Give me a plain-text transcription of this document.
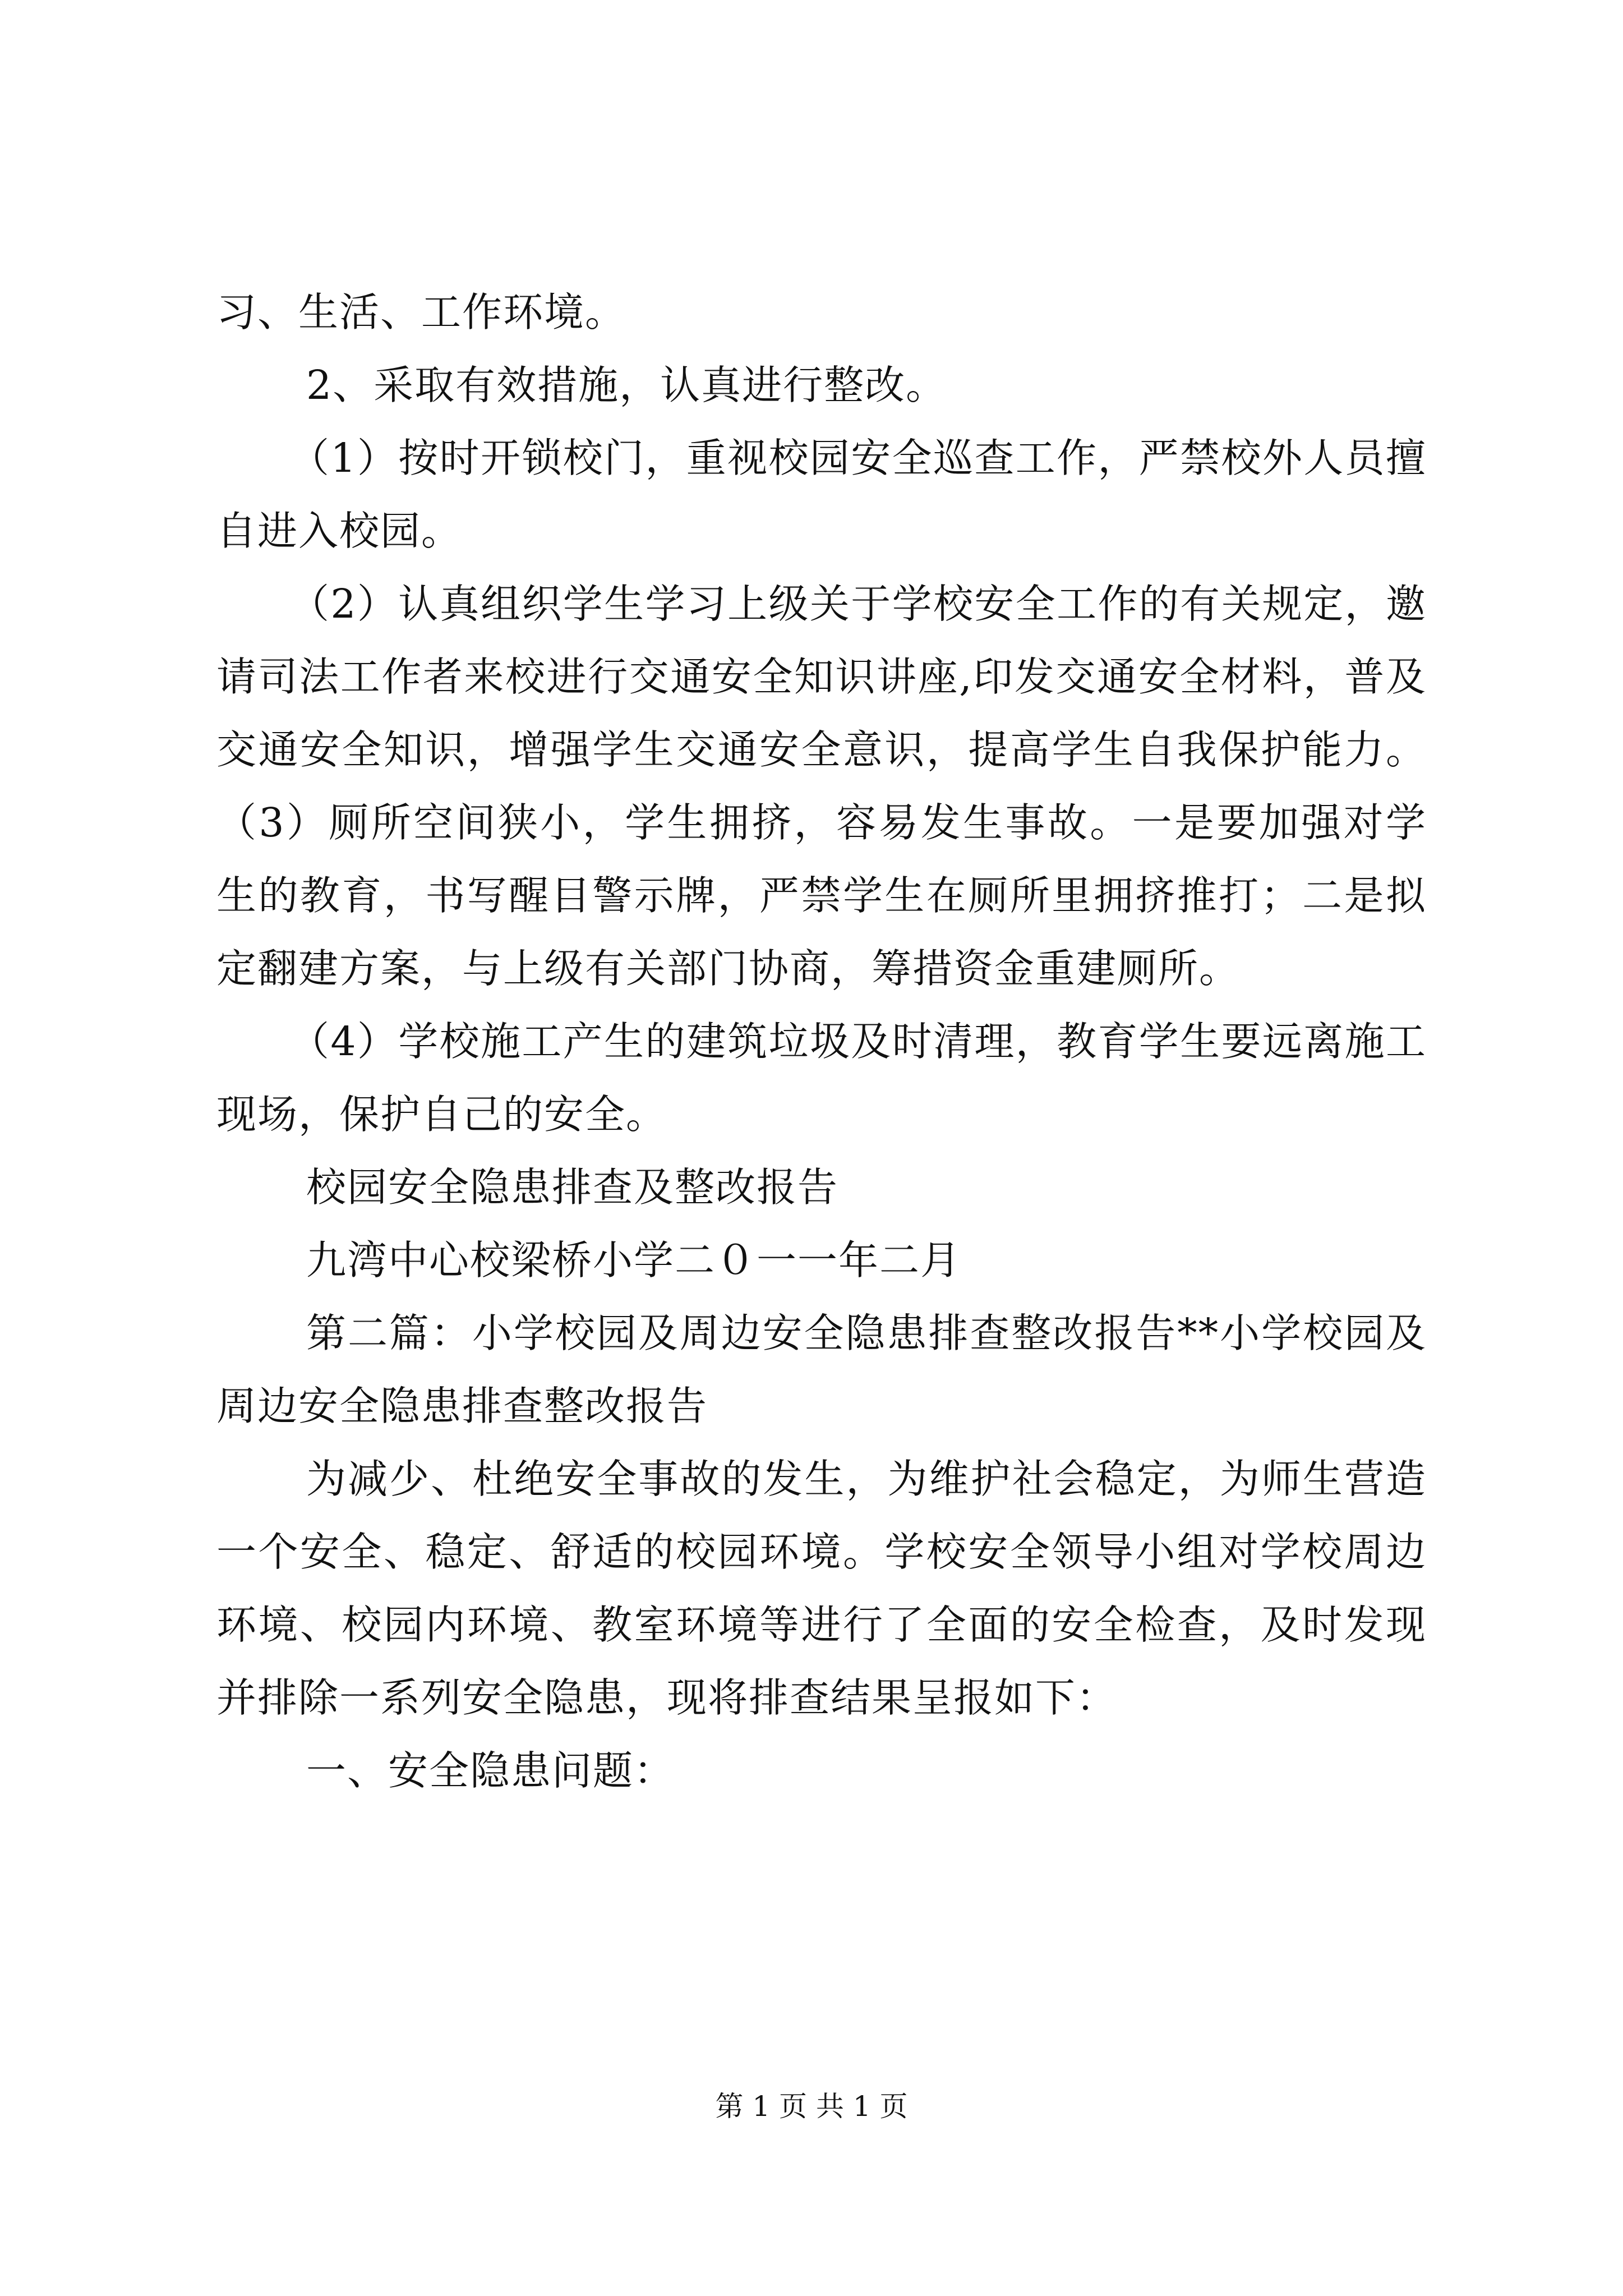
习、生活、工作环境。

2、采取有效措施，认真进行整改。

（1）按时开锁校门，重视校园安全巡查工作，严禁校外人员擅自进入校园。

（2）认真组织学生学习上级关于学校安全工作的有关规定，邀请司法工作者来校进行交通安全知识讲座,印发交通安全材料，普及交通安全知识，增强学生交通安全意识，提高学生自我保护能力。（3）厕所空间狭小，学生拥挤，容易发生事故。一是要加强对学生的教育，书写醒目警示牌，严禁学生在厕所里拥挤推打；二是拟定翻建方案，与上级有关部门协商，筹措资金重建厕所。

（4）学校施工产生的建筑垃圾及时清理，教育学生要远离施工现场，保护自己的安全。

校园安全隐患排查及整改报告

九湾中心校梁桥小学二０一一年二月

第二篇：小学校园及周边安全隐患排查整改报告**小学校园及周边安全隐患排查整改报告

为减少、杜绝安全事故的发生，为维护社会稳定，为师生营造一个安全、稳定、舒适的校园环境。学校安全领导小组对学校周边环境、校园内环境、教室环境等进行了全面的安全检查，及时发现并排除一系列安全隐患，现将排查结果呈报如下：

一、安全隐患问题：

第 1 页 共 1 页
